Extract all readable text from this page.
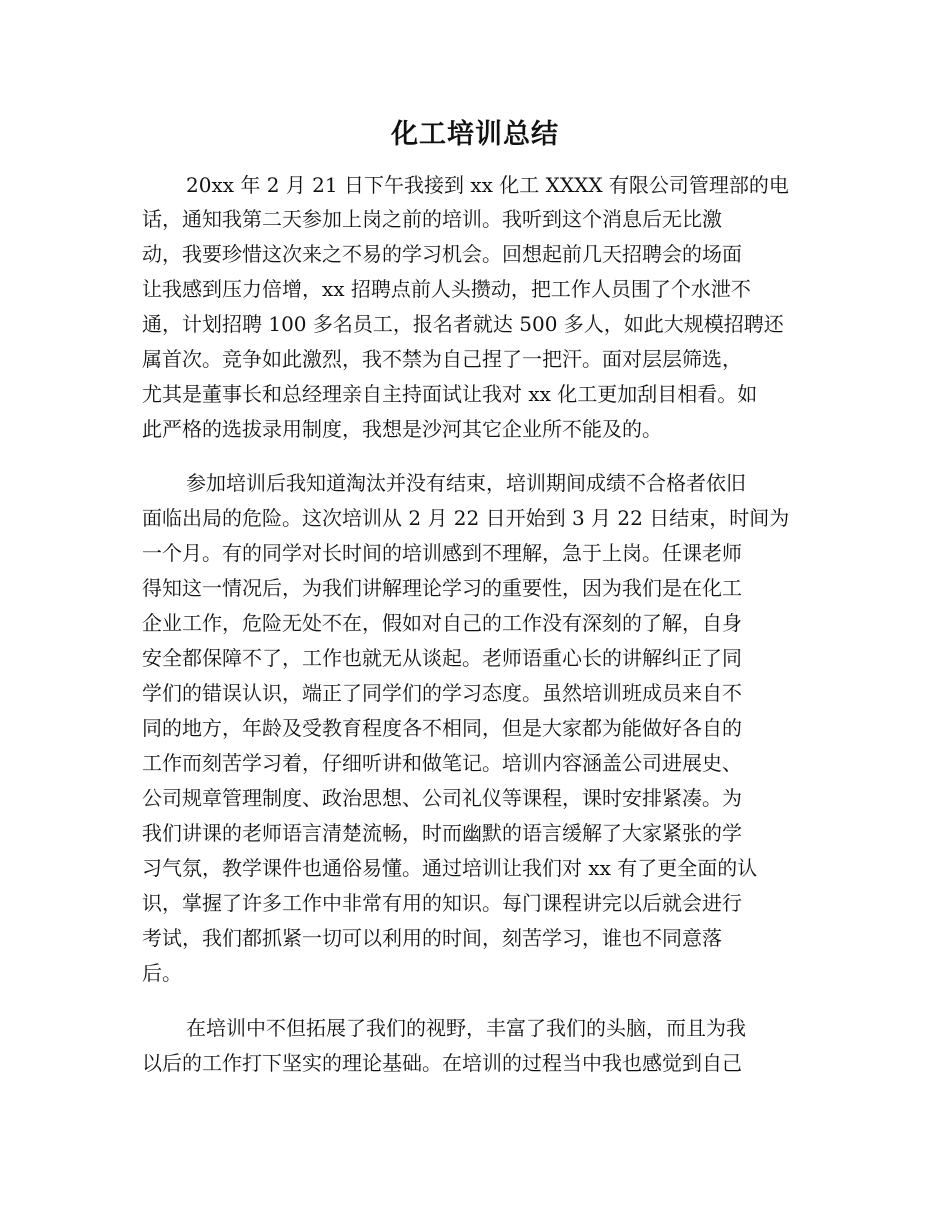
化工培训总结
20xx 年 2 月 21 日下午我接到 xx 化工 XXXX 有限公司管理部的电
话，通知我第二天参加上岗之前的培训。我听到这个消息后无比激
动，我要珍惜这次来之不易的学习机会。回想起前几天招聘会的场面
让我感到压力倍增，xx 招聘点前人头攒动，把工作人员围了个水泄不
通，计划招聘 100 多名员工，报名者就达 500 多人，如此大规模招聘还
属首次。竞争如此激烈，我不禁为自己捏了一把汗。面对层层筛选，
尤其是董事长和总经理亲自主持面试让我对 xx 化工更加刮目相看。如
此严格的选拔录用制度，我想是沙河其它企业所不能及的。
参加培训后我知道淘汰并没有结束，培训期间成绩不合格者依旧
面临出局的危险。这次培训从 2 月 22 日开始到 3 月 22 日结束，时间为
一个月。有的同学对长时间的培训感到不理解，急于上岗。任课老师
得知这一情况后，为我们讲解理论学习的重要性，因为我们是在化工
企业工作，危险无处不在，假如对自己的工作没有深刻的了解，自身
安全都保障不了，工作也就无从谈起。老师语重心长的讲解纠正了同
学们的错误认识，端正了同学们的学习态度。虽然培训班成员来自不
同的地方，年龄及受教育程度各不相同，但是大家都为能做好各自的
工作而刻苦学习着，仔细听讲和做笔记。培训内容涵盖公司进展史、
公司规章管理制度、政治思想、公司礼仪等课程，课时安排紧凑。为
我们讲课的老师语言清楚流畅，时而幽默的语言缓解了大家紧张的学
习气氛，教学课件也通俗易懂。通过培训让我们对 xx 有了更全面的认
识，掌握了许多工作中非常有用的知识。每门课程讲完以后就会进行
考试，我们都抓紧一切可以利用的时间，刻苦学习，谁也不同意落
后。
在培训中不但拓展了我们的视野，丰富了我们的头脑，而且为我
以后的工作打下坚实的理论基础。在培训的过程当中我也感觉到自己
